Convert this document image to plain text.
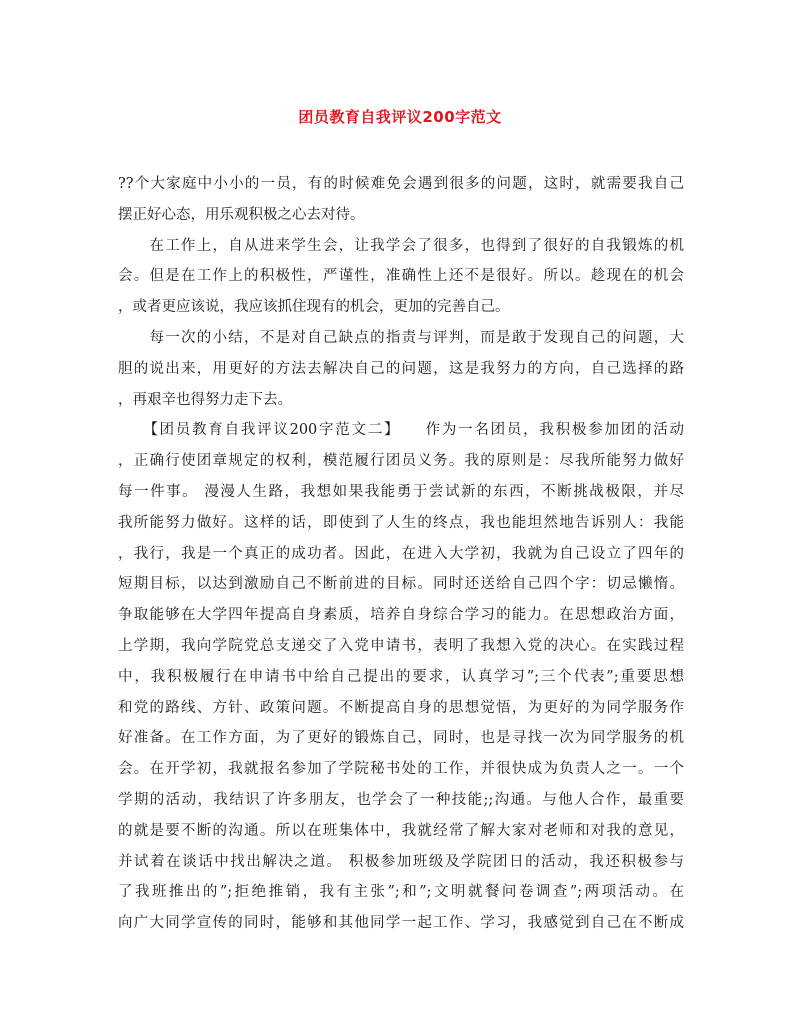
团员教育自我评议200字范文
??个大家庭中小小的一员，有的时候难免会遇到很多的问题，这时，就需要我自己
摆正好心态，用乐观积极之心去对待。
　　在工作上，自从进来学生会，让我学会了很多，也得到了很好的自我锻炼的机
会。但是在工作上的积极性，严谨性，准确性上还不是很好。所以。趁现在的机会
，或者更应该说，我应该抓住现有的机会，更加的完善自己。
　　每一次的小结，不是对自己缺点的指责与评判，而是敢于发现自己的问题，大
胆的说出来，用更好的方法去解决自己的问题，这是我努力的方向，自己选择的路
，再艰辛也得努力走下去。
　　【团员教育自我评议200字范文二】　　作为一名团员，我积极参加团的活动
，正确行使团章规定的权利，模范履行团员义务。我的原则是：尽我所能努力做好
每一件事。 漫漫人生路，我想如果我能勇于尝试新的东西，不断挑战极限，并尽
我所能努力做好。这样的话，即使到了人生的终点，我也能坦然地告诉别人：我能
，我行，我是一个真正的成功者。因此，在进入大学初，我就为自己设立了四年的
短期目标，以达到激励自己不断前进的目标。同时还送给自己四个字：切忌懒惰。
争取能够在大学四年提高自身素质，培养自身综合学习的能力。在思想政治方面，
上学期，我向学院党总支递交了入党申请书，表明了我想入党的决心。在实践过程
中，我积极履行在申请书中给自己提出的要求，认真学习”;三个代表”;重要思想
和党的路线、方针、政策问题。不断提高自身的思想觉悟，为更好的为同学服务作
好准备。在工作方面，为了更好的锻炼自己，同时，也是寻找一次为同学服务的机
会。在开学初，我就报名参加了学院秘书处的工作，并很快成为负责人之一。一个
学期的活动，我结识了许多朋友，也学会了一种技能;;沟通。与他人合作，最重要
的就是要不断的沟通。所以在班集体中，我就经常了解大家对老师和对我的意见，
并试着在谈话中找出解决之道。 积极参加班级及学院团日的活动，我还积极参与
了我班推出的”;拒绝推销，我有主张”;和”;文明就餐问卷调查”;两项活动。在
向广大同学宣传的同时，能够和其他同学一起工作、学习，我感觉到自己在不断成
